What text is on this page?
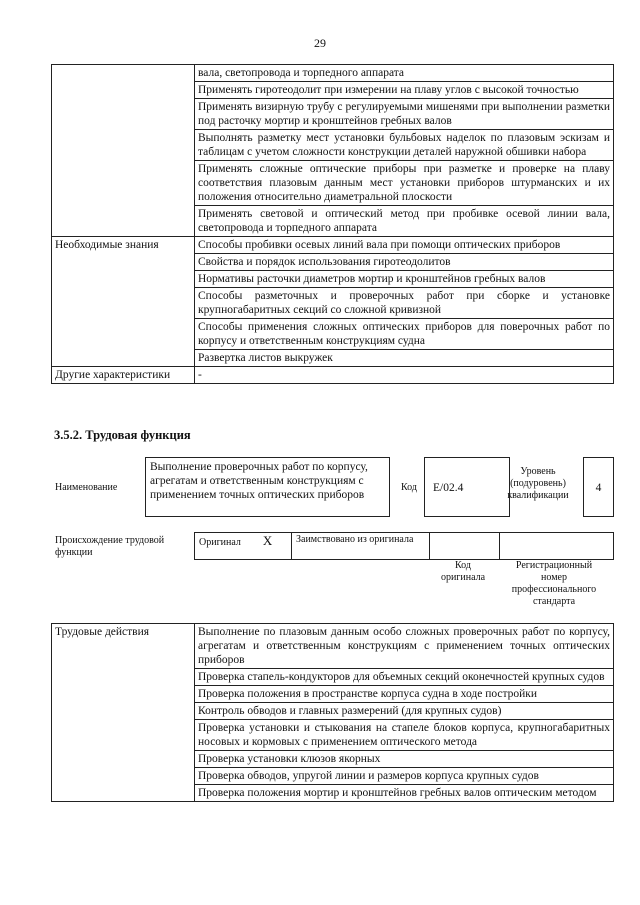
29
	вала, светопровода и торпедного аппарата
	Применять гиротеодолит при измерении на плаву углов с высокой точностью
	Применять визирную трубу с регулируемыми мишенями при выполнении разметки под расточку мортир и кронштейнов гребных валов
	Выполнять разметку мест установки бульбовых наделок по плазовым эскизам и таблицам с учетом сложности конструкции деталей наружной обшивки набора
	Применять сложные оптические приборы при разметке и проверке на плаву соответствия плазовым данным мест установки приборов штурманских и их положения относительно диаметральной плоскости
	Применять световой и оптический метод при пробивке осевой линии вала, светопровода и торпедного аппарата
Необходимые знания	Способы пробивки осевых линий вала при помощи оптических приборов
	Свойства и порядок использования гиротеодолитов
	Нормативы расточки диаметров мортир и кронштейнов гребных валов
	Способы разметочных и проверочных работ при сборке и установке крупногабаритных секций со сложной кривизной
	Способы применения сложных оптических приборов для поверочных работ по корпусу и ответственным конструкциям судна
	Развертка листов выкружек
Другие характеристики	-
3.5.2. Трудовая функция
Наименование
Выполнение проверочных работ по корпусу, агрегатам и ответственным конструкциям с применением точных оптических приборов
Код	E/02.4
Уровень (подуровень) квалификации
4
Происхождение трудовой функции
Оригинал X	Заимствовано из оригинала		
Код оригинала
Регистрационный номер профессионального стандарта
Трудовые действия	Выполнение по плазовым данным особо сложных проверочных работ по корпусу, агрегатам и ответственным конструкциям с применением точных оптических приборов
Проверка стапель-кондукторов для объемных секций оконечностей крупных судов
Проверка положения в пространстве корпуса судна в ходе постройки
Контроль обводов и главных размерений (для крупных судов)
Проверка установки и стыкования на стапеле блоков корпуса, крупногабаритных носовых и кормовых с применением оптического метода
Проверка установки клюзов якорных
Проверка обводов, упругой линии и размеров корпуса крупных судов
Проверка положения мортир и кронштейнов гребных валов оптическим методом
